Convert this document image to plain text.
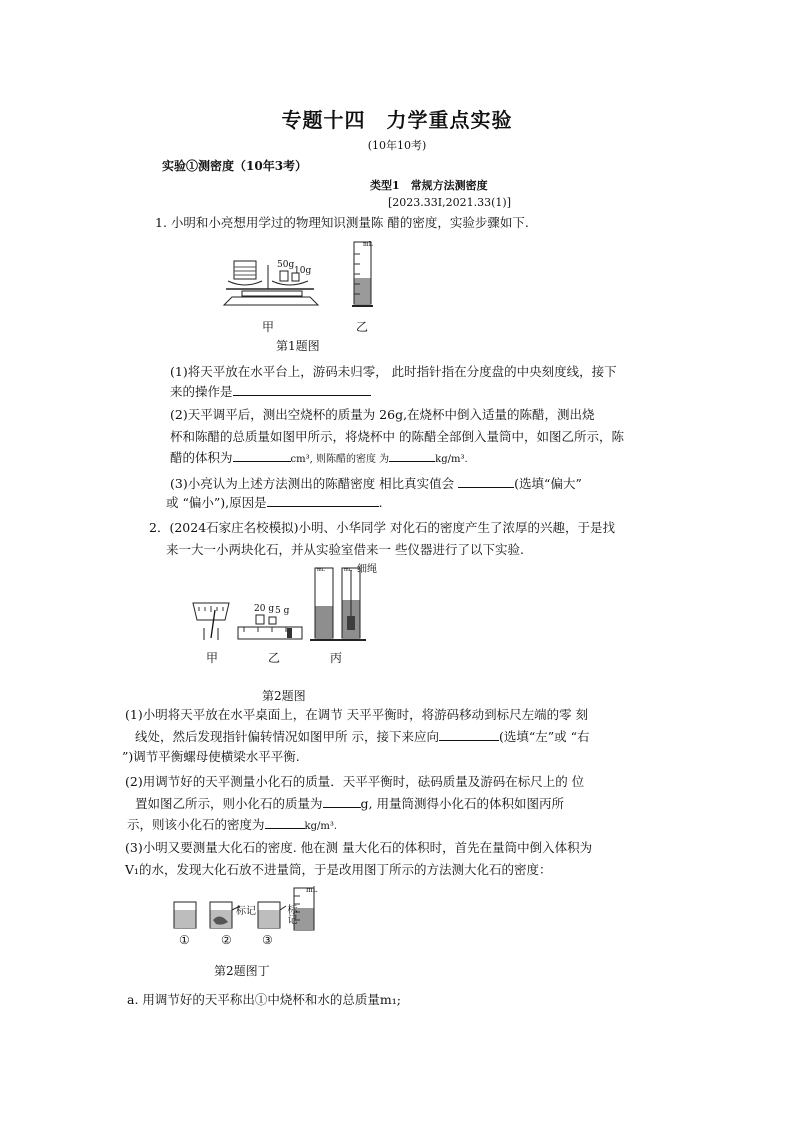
专题十四　力学重点实验
(10年10考)
实验①测密度（10年3考）
类型1　常规方法测密度
[2023.33I,2021.33(1)]
1. 小明和小亮想用学过的物理知识测量陈 醋的密度，实验步骤如下.
50g
10g
mL
甲	乙
第1题图
(1)将天平放在水平台上，游码未归零， 此时指针指在分度盘的中央刻度线，接下
来的操作是
(2)天平调平后，测出空烧杯的质量为 26g,在烧杯中倒入适量的陈醋，测出烧
杯和陈醋的总质量如图甲所示，将烧杯中 的陈醋全部倒入量筒中，如图乙所示，陈
醋的体积为	cm³, 则陈醋的密度 为	kg/m³.
(3)小亮认为上述方法测出的陈醋密度 相比真实值会	(选填“偏大”
或 “偏小”),原因是	.
2．(2024石家庄名校模拟)小明、小华同学 对化石的密度产生了浓厚的兴趣，于是找
来一大一小两块化石，并从实验室借来一 些仪器进行了以下实验.
20 g 5 g
mL	mL 细绳
甲	乙	丙
第2题图
(1)小明将天平放在水平桌面上，在调节 天平平衡时，将游码移动到标尺左端的零 刻
线处，然后发现指针偏转情况如图甲所 示，接下来应向	(选填“左”或 “右
”)调节平衡螺母使横梁水平平衡.
(2)用调节好的天平测量小化石的质量．天平平衡时，砝码质量及游码在标尺上的 位
置如图乙所示，则小化石的质量为	g, 用量筒测得小化石的体积如图丙所
示，则该小化石的密度为	kg/m³.
(3)小明又要测量大化石的密度. 他在测 量大化石的体积时，首先在量筒中倒入体积为
V₁的水，发现大化石放不进量筒，于是改用图丁所示的方法测大化石的密度：
标记	标记
mL
①	②	③
第2题图丁
a. 用调节好的天平称出①中烧杯和水的总质量m₁;
